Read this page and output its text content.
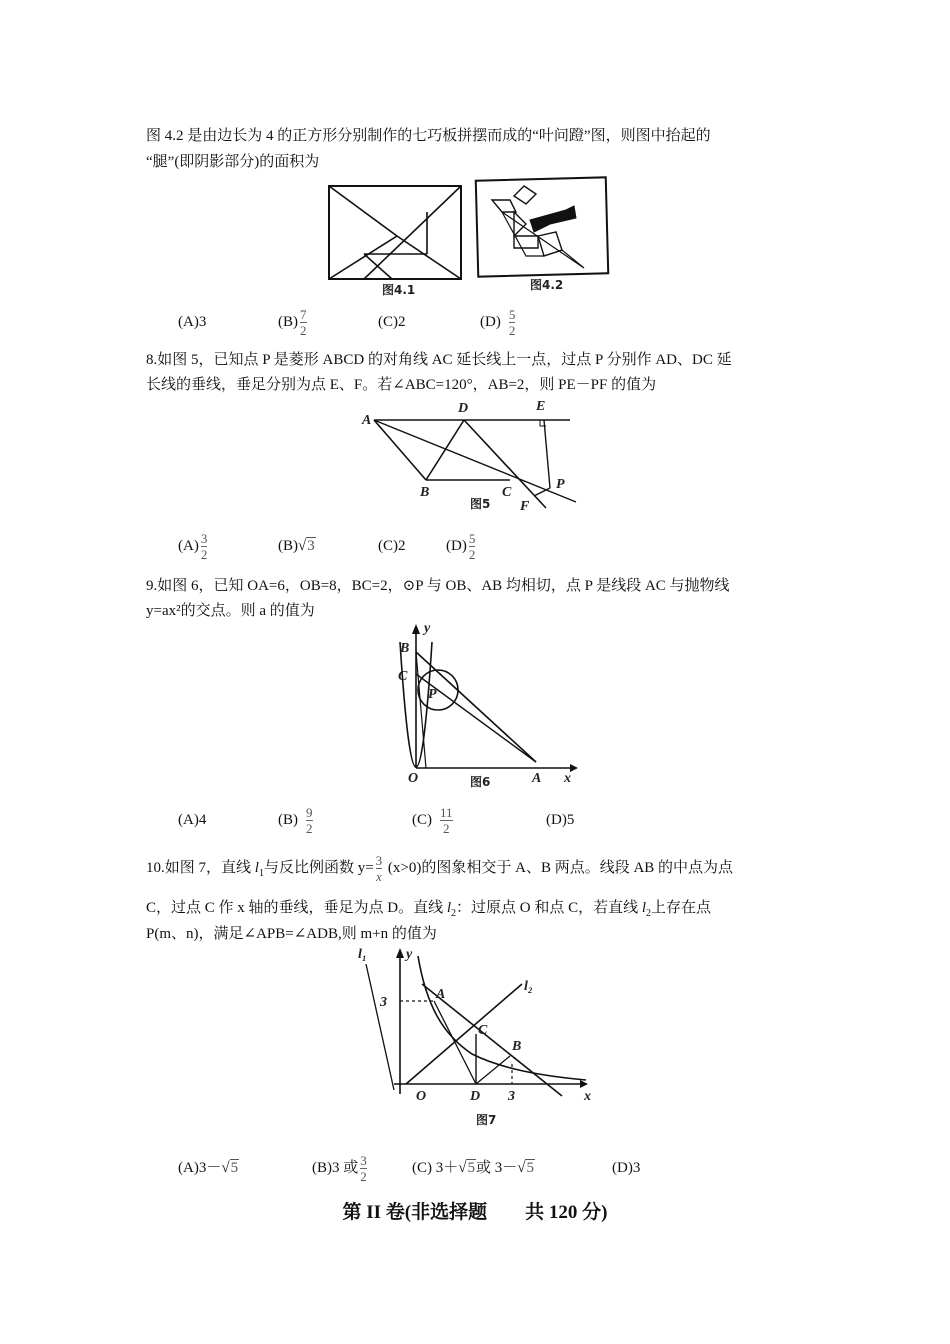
图 4.2 是由边长为 4 的正方形分别制作的七巧板拼摆而成的“叶问蹬”图，则图中抬起的
“腿”(即阴影部分)的面积为
图4.1	图4.2
(A)3	$(B) \frac{7}{2}$	(C)2	$(D) \frac{5}{2}$
8.如图 5，已知点 P 是菱形 ABCD 的对角线 AC 延长线上一点，过点 P 分别作 AD、DC 延
长线的垂线，垂足分别为点 E、F。若∠ABC=120°，AB=2，则 PE－PF 的值为
A
D	E
B	C
P
F
图5
$(A) \frac{3}{2}$	(B)√3	(C)2	$(D) \frac{5}{2}$
9.如图 6，已知 OA=6，OB=8，BC=2，⊙P 与 OB、AB 均相切，点 P 是线段 AC 与抛物线
y=ax²的交点。则 a 的值为
B
C
P
y
O	A x
图6
(A)4	$(B) \frac{9}{2}$	$(C) \frac{11}{2}$	(D)5
10.如图 7，直线 $l_1$与反比例函数 $y= \frac{3}{x} (x>0)$的图象相交于 A、B 两点。线段 AB 的中点为点
C，过点 C 作 x 轴的垂线，垂足为点 D。直线 $l_2$：过原点 O 和点 C，若直线 $l_2$上存在点
P(m、n)，满足∠APB=∠ADB,则 m+n 的值为
l₁	y
l₂
3
A
C
B
O	D 3	x
图7
(A)3－√5	(B)3 或 $\frac{3}{2}$	(C) 3＋√5或 3－√5	(D)3
第 II 卷(非选择题　　共 120 分)
